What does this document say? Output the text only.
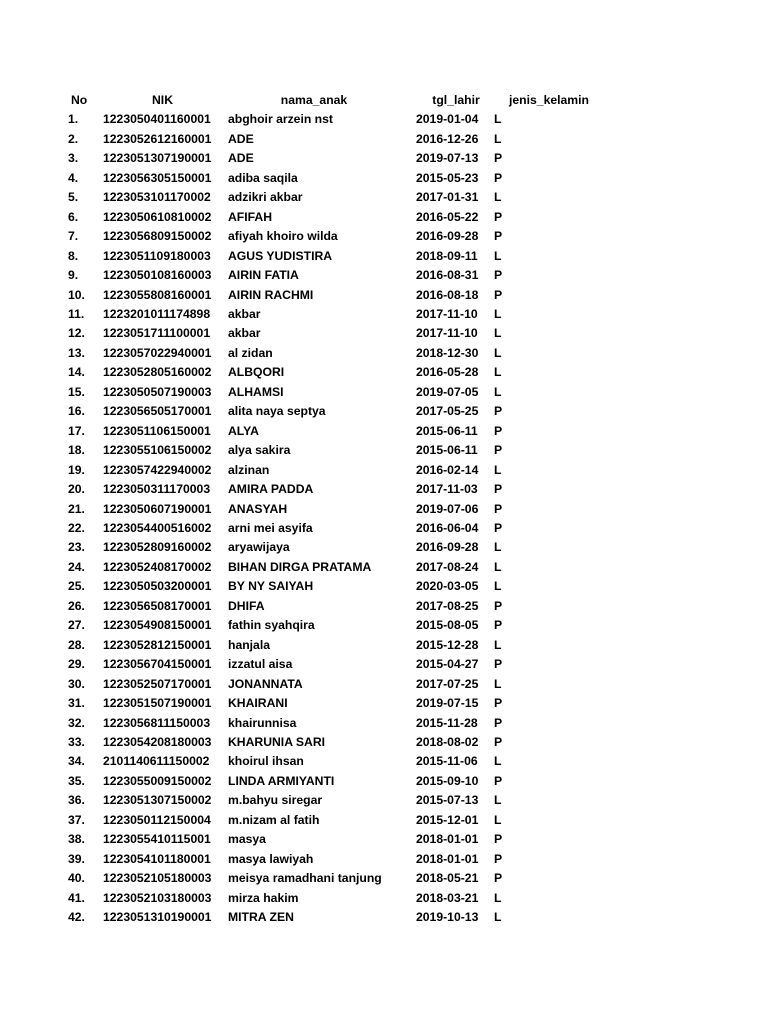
No	NIK	nama_anak	tgl_lahir	jenis_kelamin
1.	1223050401160001	abghoir arzein nst	2019-01-04	L
2.	1223052612160001	ADE	2016-12-26	L
3.	1223051307190001	ADE	2019-07-13	P
4.	1223056305150001	adiba saqila	2015-05-23	P
5.	1223053101170002	adzikri akbar	2017-01-31	L
6.	1223050610810002	AFIFAH	2016-05-22	P
7.	1223056809150002	afiyah khoiro wilda	2016-09-28	P
8.	1223051109180003	AGUS YUDISTIRA	2018-09-11	L
9.	1223050108160003	AIRIN FATIA	2016-08-31	P
10.	1223055808160001	AIRIN RACHMI	2016-08-18	P
11.	1223201011174898	akbar	2017-11-10	L
12.	1223051711100001	akbar	2017-11-10	L
13.	1223057022940001	al zidan	2018-12-30	L
14.	1223052805160002	ALBQORI	2016-05-28	L
15.	1223050507190003	ALHAMSI	2019-07-05	L
16.	1223056505170001	alita naya septya	2017-05-25	P
17.	1223051106150001	ALYA	2015-06-11	P
18.	1223055106150002	alya sakira	2015-06-11	P
19.	1223057422940002	alzinan	2016-02-14	L
20.	1223050311170003	AMIRA PADDA	2017-11-03	P
21.	1223050607190001	ANASYAH	2019-07-06	P
22.	1223054400516002	arni mei asyifa	2016-06-04	P
23.	1223052809160002	aryawijaya	2016-09-28	L
24.	1223052408170002	BIHAN DIRGA PRATAMA	2017-08-24	L
25.	1223050503200001	BY NY SAIYAH	2020-03-05	L
26.	1223056508170001	DHIFA	2017-08-25	P
27.	1223054908150001	fathin syahqira	2015-08-05	P
28.	1223052812150001	hanjala	2015-12-28	L
29.	1223056704150001	izzatul aisa	2015-04-27	P
30.	1223052507170001	JONANNATA	2017-07-25	L
31.	1223051507190001	KHAIRANI	2019-07-15	P
32.	1223056811150003	khairunnisa	2015-11-28	P
33.	1223054208180003	KHARUNIA SARI	2018-08-02	P
34.	2101140611150002	khoirul ihsan	2015-11-06	L
35.	1223055009150002	LINDA ARMIYANTI	2015-09-10	P
36.	1223051307150002	m.bahyu siregar	2015-07-13	L
37.	1223050112150004	m.nizam al fatih	2015-12-01	L
38.	1223055410115001	masya	2018-01-01	P
39.	1223054101180001	masya lawiyah	2018-01-01	P
40.	1223052105180003	meisya ramadhani tanjung	2018-05-21	P
41.	1223052103180003	mirza hakim	2018-03-21	L
42.	1223051310190001	MITRA ZEN	2019-10-13	L
